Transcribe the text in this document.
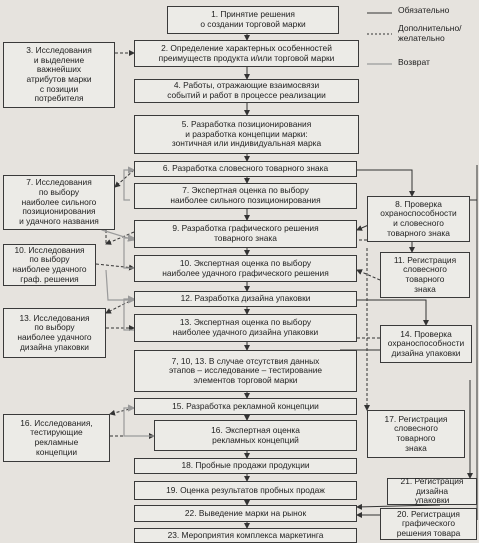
Обязательно
Дополнительно/
желательно
Возврат
1. Принятие решения
о создании торговой марки
2. Определение характерных особенностей
преимуществ продукта и/или торговой марки
3. Исследования
и выделение
важнейших
атрибутов марки
с позиции
потребителя
4. Работы, отражающие взаимосвязи
событий и работ в процессе реализации
5. Разработка позиционирования
и разработка концепции марки:
зонтичная или индивидуальная марка
6. Разработка словесного товарного знака
7. Исследования
по выбору
наиболее сильного
позиционирования
и удачного названия
7. Экспертная оценка по выбору
наиболее сильного позиционирования	8. Проверка
охраноспособности
и словесного
товарного знака
9. Разработка графического решения
товарного знака
10. Исследования
по выбору
наиболее удачного
граф. решения
10. Экспертная оценка по выбору
наиболее удачного графического решения
11. Регистрация
словесного
товарного
знака
12. Разработка дизайна упаковки
13. Исследования
по выбору
наиболее удачного
дизайна упаковки
13. Экспертная оценка по выбору
наиболее удачного дизайна упаковки	14. Проверка
охраноспособности
дизайна упаковки
7, 10, 13. В случае отсутствия данных
этапов – исследование – тестирование
элементов торговой марки
15. Разработка рекламной концепции
16. Исследования,
тестирующие
рекламные
концепции
16. Экспертная оценка
рекламных концепций
17. Регистрация
словесного
товарного
знака
18. Пробные продажи продукции
19. Оценка результатов пробных продаж
21. Регистрация
дизайна
упаковки
22. Выведение марки на рынок	20. Регистрация
графического
решения товара
23. Мероприятия комплекса маркетинга
